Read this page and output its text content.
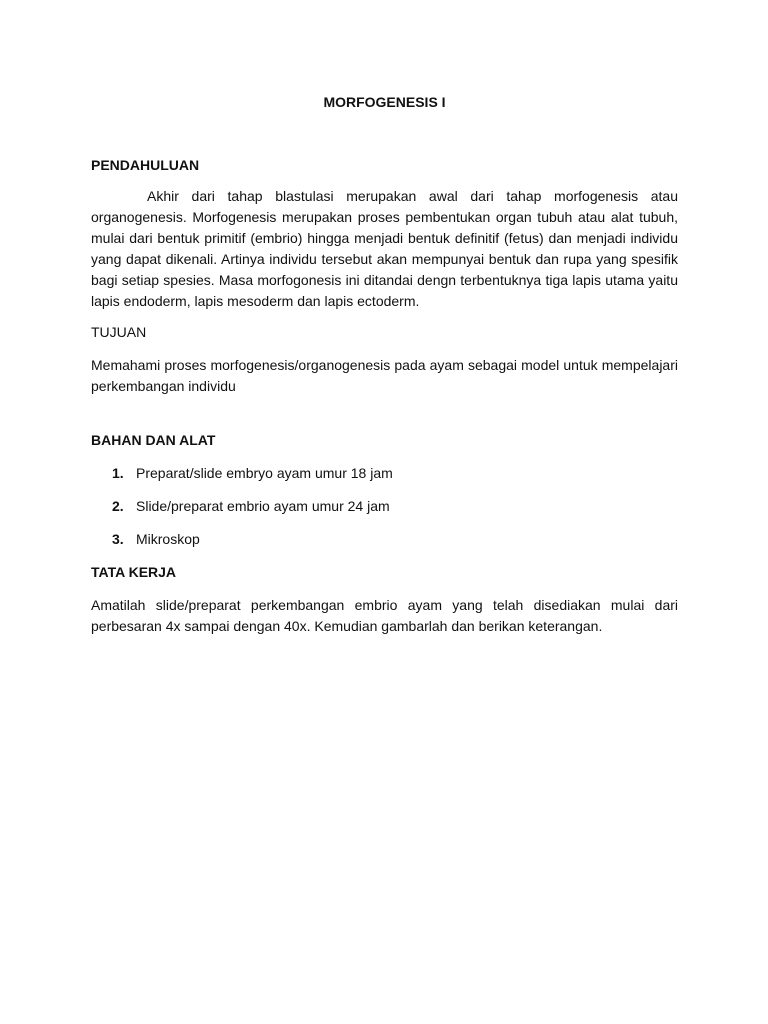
MORFOGENESIS I

PENDAHULUAN

Akhir dari tahap blastulasi merupakan awal dari tahap morfogenesis atau organogenesis. Morfogenesis merupakan proses pembentukan organ tubuh atau alat tubuh, mulai dari bentuk primitif (embrio) hingga menjadi bentuk definitif (fetus) dan menjadi individu yang dapat dikenali. Artinya individu tersebut akan mempunyai bentuk dan rupa yang spesifik bagi setiap spesies. Masa morfogonesis ini ditandai dengn terbentuknya tiga lapis utama yaitu lapis endoderm, lapis mesoderm dan lapis ectoderm.

TUJUAN

Memahami proses morfogenesis/organogenesis pada ayam sebagai model untuk mempelajari perkembangan individu

BAHAN DAN ALAT

1. Preparat/slide embryo ayam umur 18 jam
2. Slide/preparat embrio ayam umur 24 jam
3. Mikroskop

TATA KERJA

Amatilah slide/preparat perkembangan embrio ayam yang telah disediakan mulai dari perbesaran 4x sampai dengan 40x. Kemudian gambarlah dan berikan keterangan.
